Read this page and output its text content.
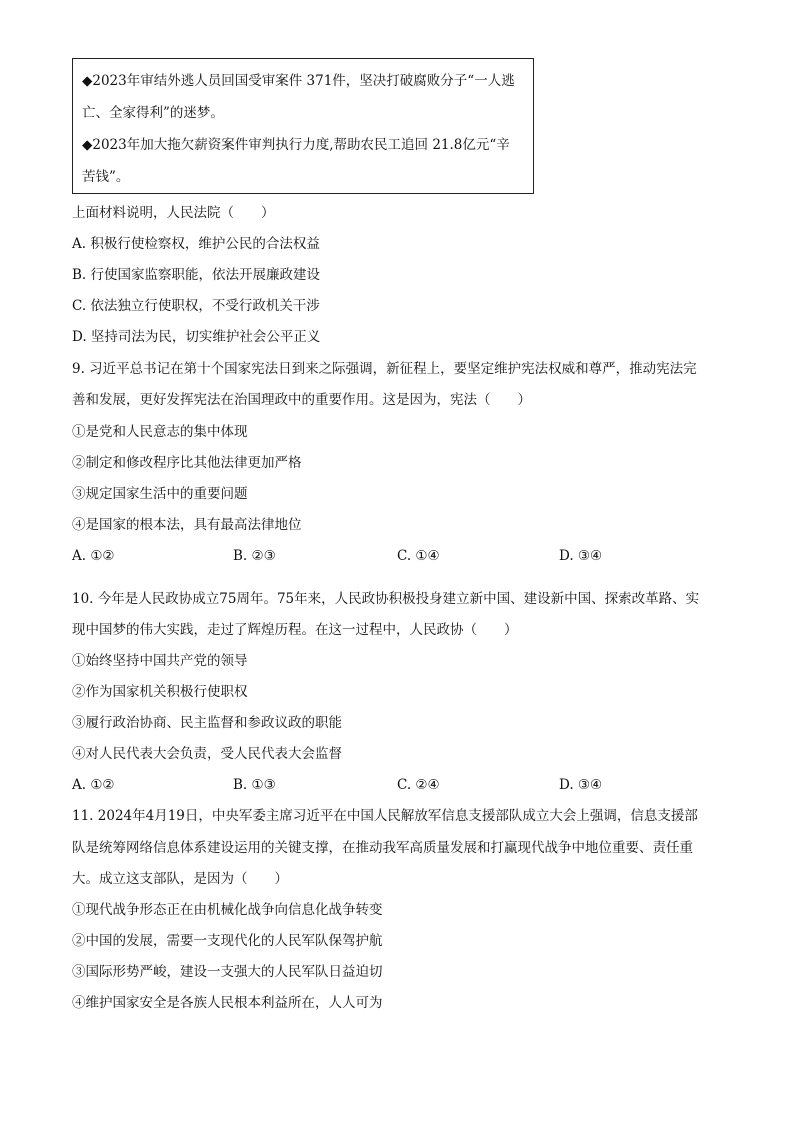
◆2023年审结外逃人员回国受审案件 371件，坚决打破腐败分子“一人逃
亡、全家得利”的迷梦。
◆2023年加大拖欠薪资案件审判执行力度,帮助农民工追回 21.8亿元“辛
苦钱”。
上面材料说明，人民法院（　　）
A. 积极行使检察权，维护公民的合法权益
B. 行使国家监察职能，依法开展廉政建设
C. 依法独立行使职权，不受行政机关干涉
D. 坚持司法为民，切实维护社会公平正义
9. 习近平总书记在第十个国家宪法日到来之际强调，新征程上，要坚定维护宪法权威和尊严，推动宪法完
善和发展，更好发挥宪法在治国理政中的重要作用。这是因为，宪法（　　）
①是党和人民意志的集中体现
②制定和修改程序比其他法律更加严格
③规定国家生活中的重要问题
④是国家的根本法，具有最高法律地位
A. ①②	B. ②③	C. ①④	D. ③④
10. 今年是人民政协成立75周年。75年来，人民政协积极投身建立新中国、建设新中国、探索改革路、实
现中国梦的伟大实践，走过了辉煌历程。在这一过程中，人民政协（　　）
①始终坚持中国共产党的领导
②作为国家机关积极行使职权
③履行政治协商、民主监督和参政议政的职能
④对人民代表大会负责，受人民代表大会监督
A. ①②	B. ①③	C. ②④	D. ③④
11. 2024年4月19日，中央军委主席习近平在中国人民解放军信息支援部队成立大会上强调，信息支援部
队是统筹网络信息体系建设运用的关键支撑，在推动我军高质量发展和打赢现代战争中地位重要、责任重
大。成立这支部队，是因为（　　）
①现代战争形态正在由机械化战争向信息化战争转变
②中国的发展，需要一支现代化的人民军队保驾护航
③国际形势严峻，建设一支强大的人民军队日益迫切
④维护国家安全是各族人民根本利益所在，人人可为
